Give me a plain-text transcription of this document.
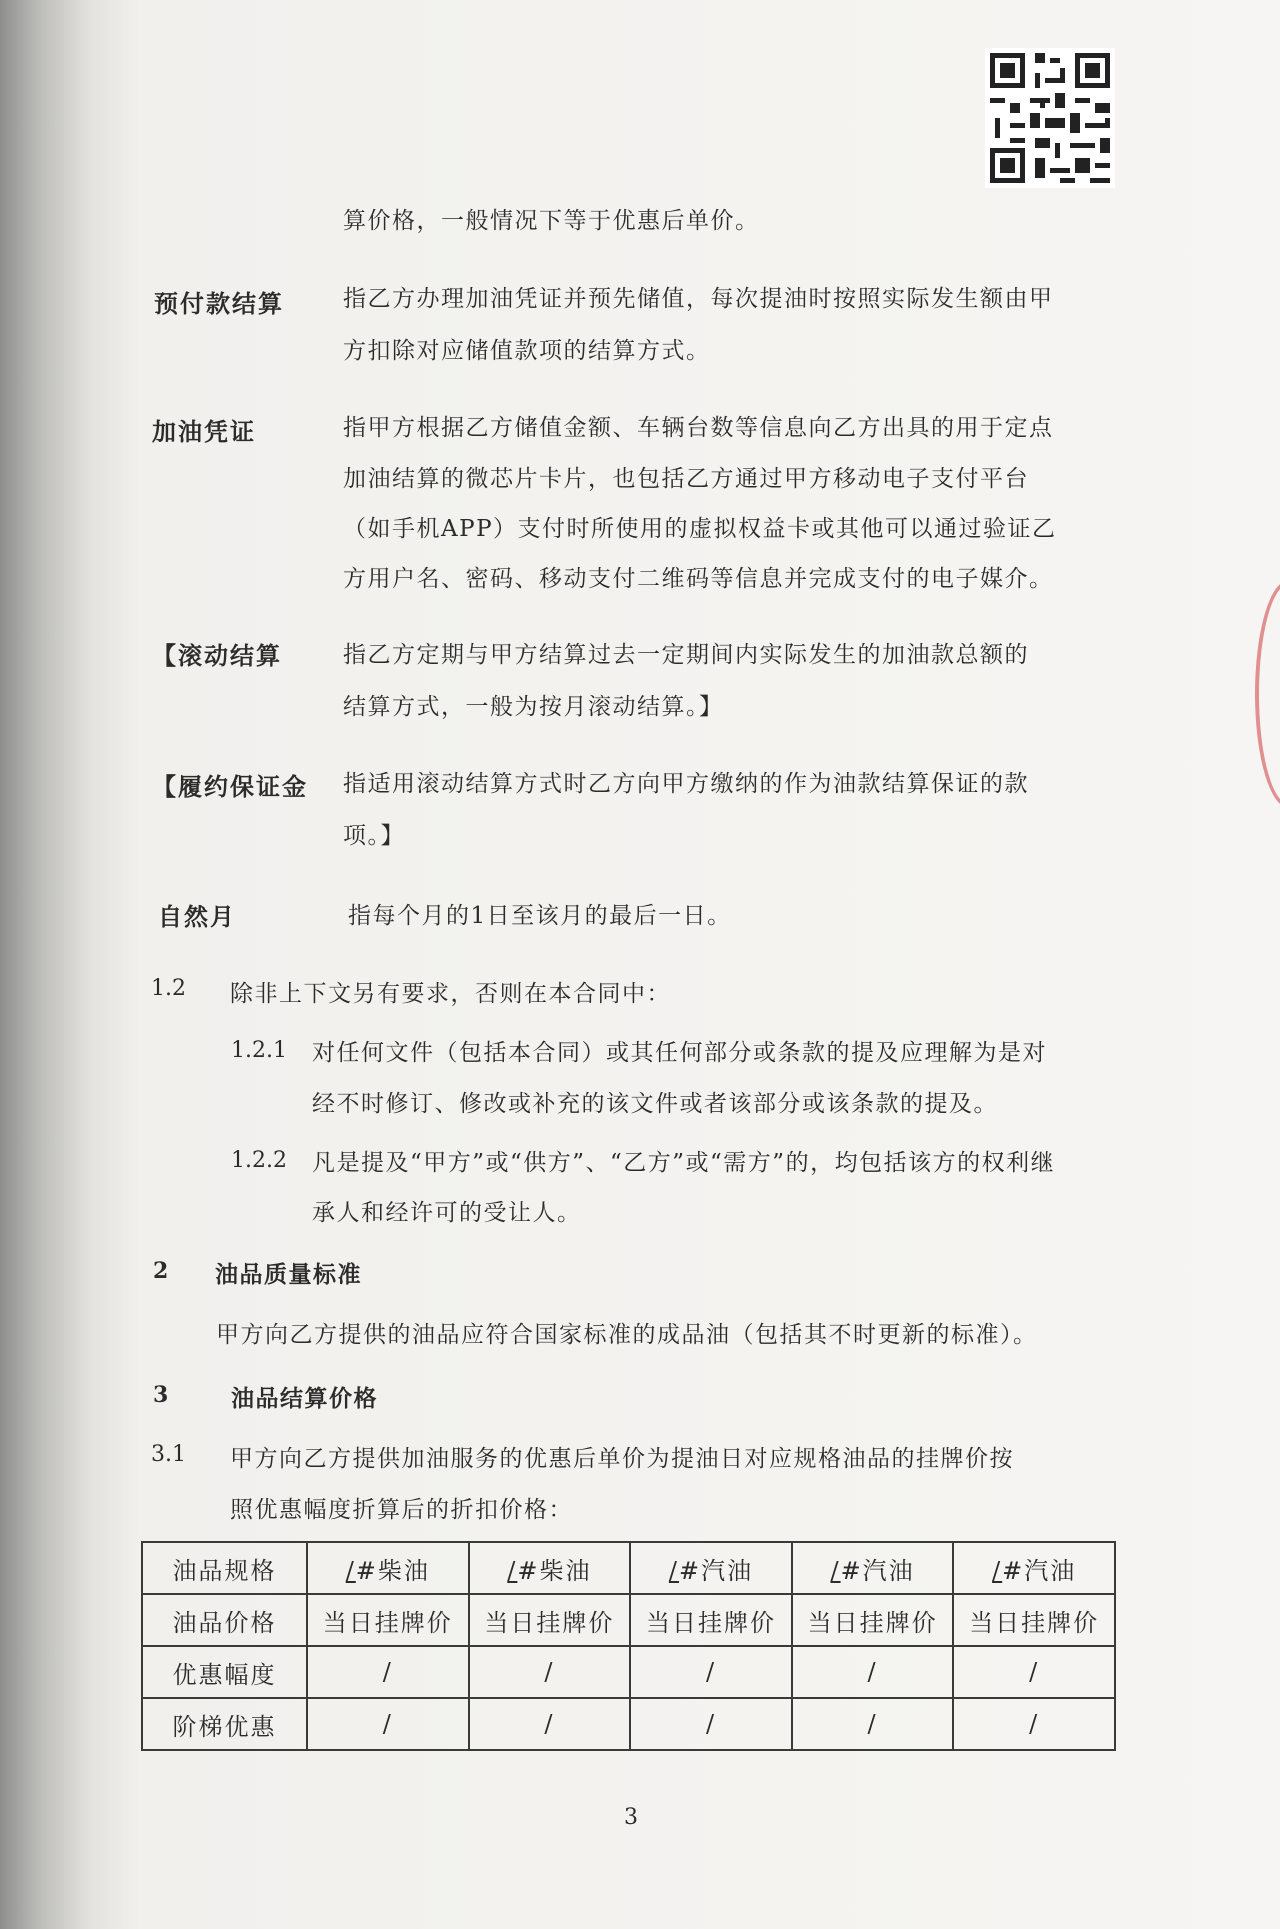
算价格，一般情况下等于优惠后单价。
预付款结算	指乙方办理加油凭证并预先储值，每次提油时按照实际发生额由甲
方扣除对应储值款项的结算方式。
加油凭证	指甲方根据乙方储值金额、车辆台数等信息向乙方出具的用于定点
加油结算的微芯片卡片，也包括乙方通过甲方移动电子支付平台
（如手机APP）支付时所使用的虚拟权益卡或其他可以通过验证乙
方用户名、密码、移动支付二维码等信息并完成支付的电子媒介。
【滚动结算	指乙方定期与甲方结算过去一定期间内实际发生的加油款总额的
结算方式，一般为按月滚动结算。】
【履约保证金 指适用滚动结算方式时乙方向甲方缴纳的作为油款结算保证的款
项。】
自然月	指每个月的1日至该月的最后一日。
1.2 除非上下文另有要求，否则在本合同中：
1.2.1 对任何文件（包括本合同）或其任何部分或条款的提及应理解为是对
经不时修订、修改或补充的该文件或者该部分或该条款的提及。
1.2.2 凡是提及“甲方”或“供方”、“乙方”或“需方”的，均包括该方的权利继
承人和经许可的受让人。
2 油品质量标准
甲方向乙方提供的油品应符合国家标准的成品油（包括其不时更新的标准）。
3	油品结算价格
3.1 甲方向乙方提供加油服务的优惠后单价为提油日对应规格油品的挂牌价按
照优惠幅度折算后的折扣价格：
油品规格	/#柴油	/#柴油	/#汽油	/#汽油	/#汽油
油品价格	当日挂牌价	当日挂牌价	当日挂牌价	当日挂牌价	当日挂牌价
优惠幅度	/	/	/	/	/
阶梯优惠	/	/	/	/	/
3
